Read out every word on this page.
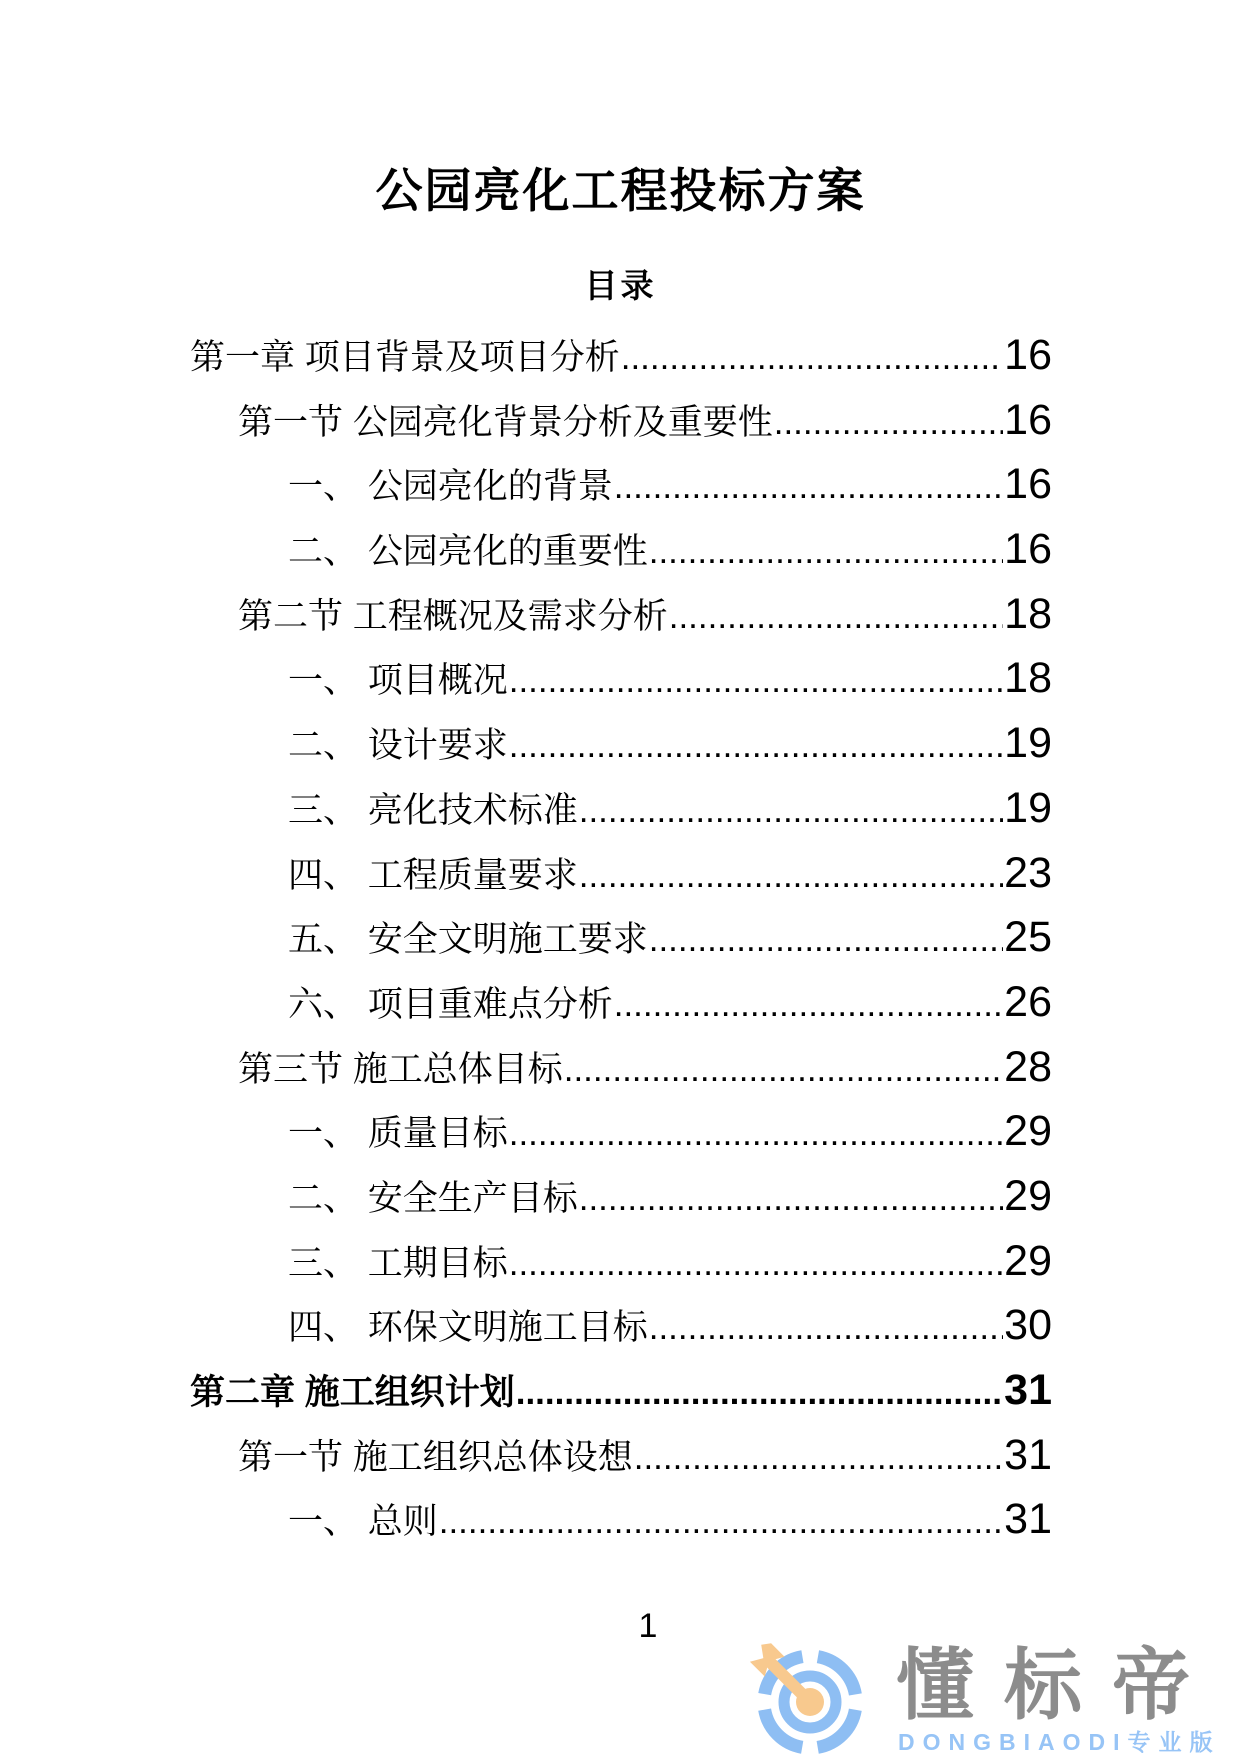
公园亮化工程投标方案
目录
第一章 项目背景及项目分析 .....	16
第一节 公园亮化背景分析及重要性 .....	16
一、 公园亮化的背景 .....	16
二、 公园亮化的重要性 .....	16
第二节 工程概况及需求分析 .....	18
一、 项目概况 .....	18
二、 设计要求 .....	19
三、 亮化技术标准 .....	19
四、 工程质量要求 .....	23
五、 安全文明施工要求 .....	25
六、 项目重难点分析 .....	26
第三节 施工总体目标 .....	28
一、 质量目标 .....	29
二、 安全生产目标 .....	29
三、 工期目标 .....	29
四、 环保文明施工目标 .....	30
第二章 施工组织计划 .....	31
第一节 施工组织总体设想 .....	31
一、 总则 .....	31
1
懂标帝
DONGBIAODI专业版
